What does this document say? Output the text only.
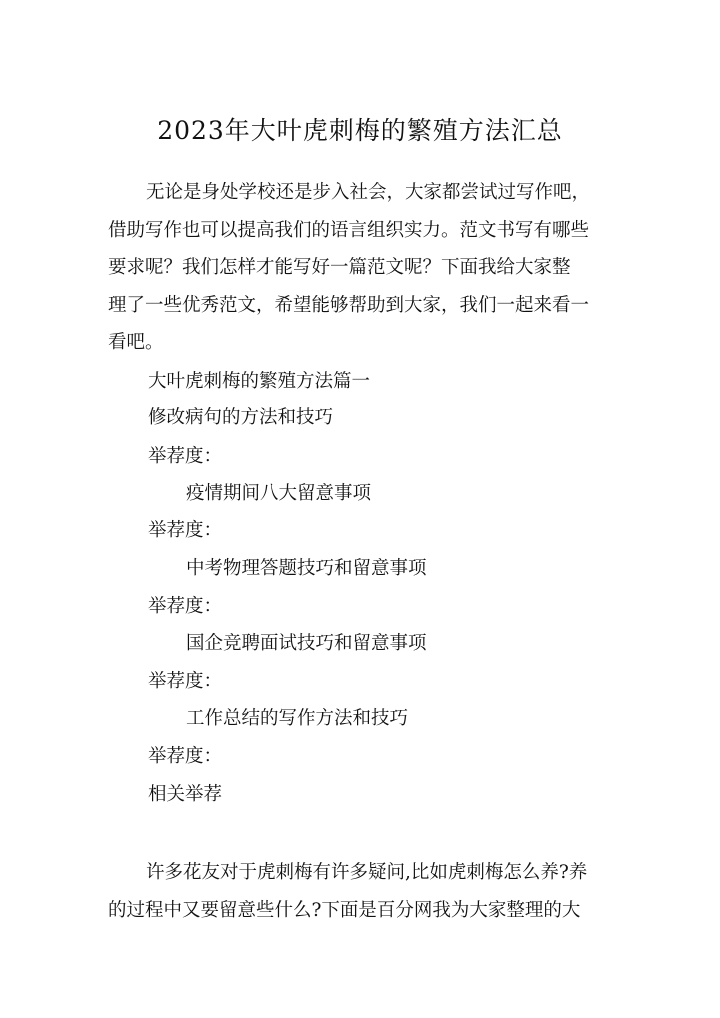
2023年大叶虎刺梅的繁殖方法汇总
无论是身处学校还是步入社会，大家都尝试过写作吧，
借助写作也可以提高我们的语言组织实力。范文书写有哪些
要求呢？我们怎样才能写好一篇范文呢？下面我给大家整
理了一些优秀范文，希望能够帮助到大家，我们一起来看一
看吧。

大叶虎刺梅的繁殖方法篇一

修改病句的方法和技巧

举荐度：

疫情期间八大留意事项

举荐度：

中考物理答题技巧和留意事项

举荐度：

国企竞聘面试技巧和留意事项

举荐度：

工作总结的写作方法和技巧

举荐度：

相关举荐

许多花友对于虎刺梅有许多疑问,比如虎刺梅怎么养?养
的过程中又要留意些什么?下面是百分网我为大家整理的大
